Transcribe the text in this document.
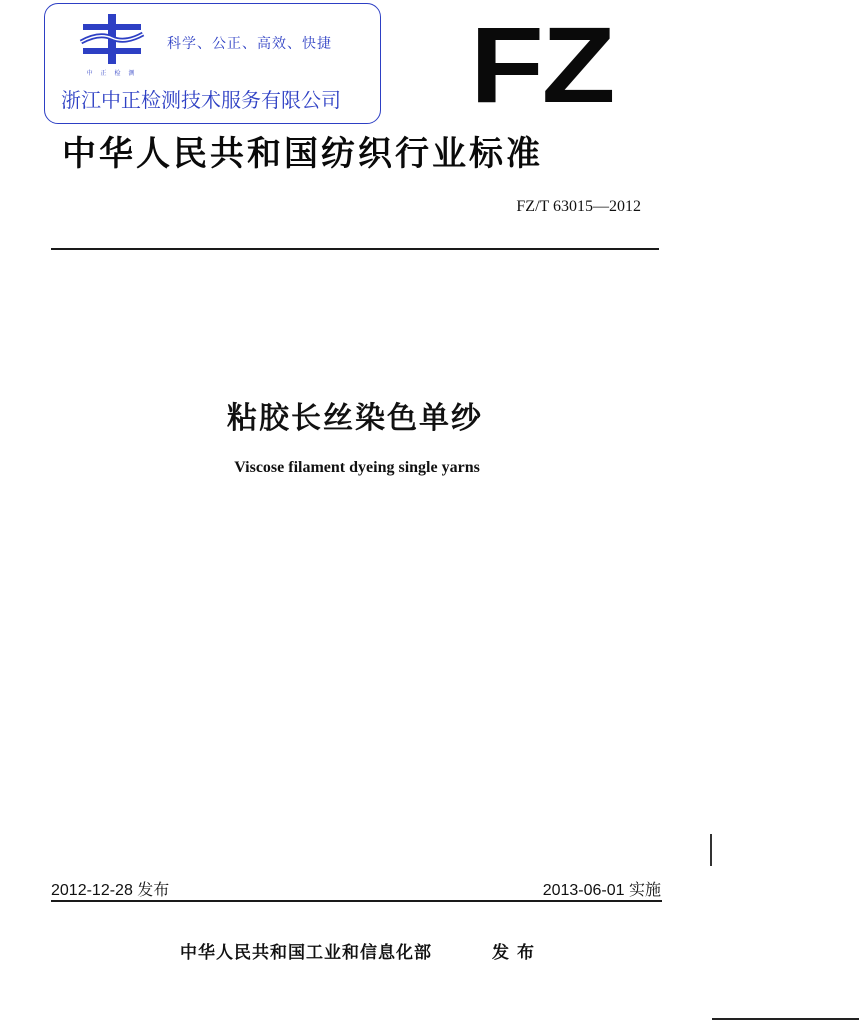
中 正 检 测
科学、公正、高效、快捷
浙江中正检测技术服务有限公司 FZ
中华人民共和国纺织行业标准
FZ/T 63015—2012
粘胶长丝染色单纱
Viscose filament dyeing single yarns
2012-12-28 发布	2013-06-01 实施
中华人民共和国工业和信息化部	发布
